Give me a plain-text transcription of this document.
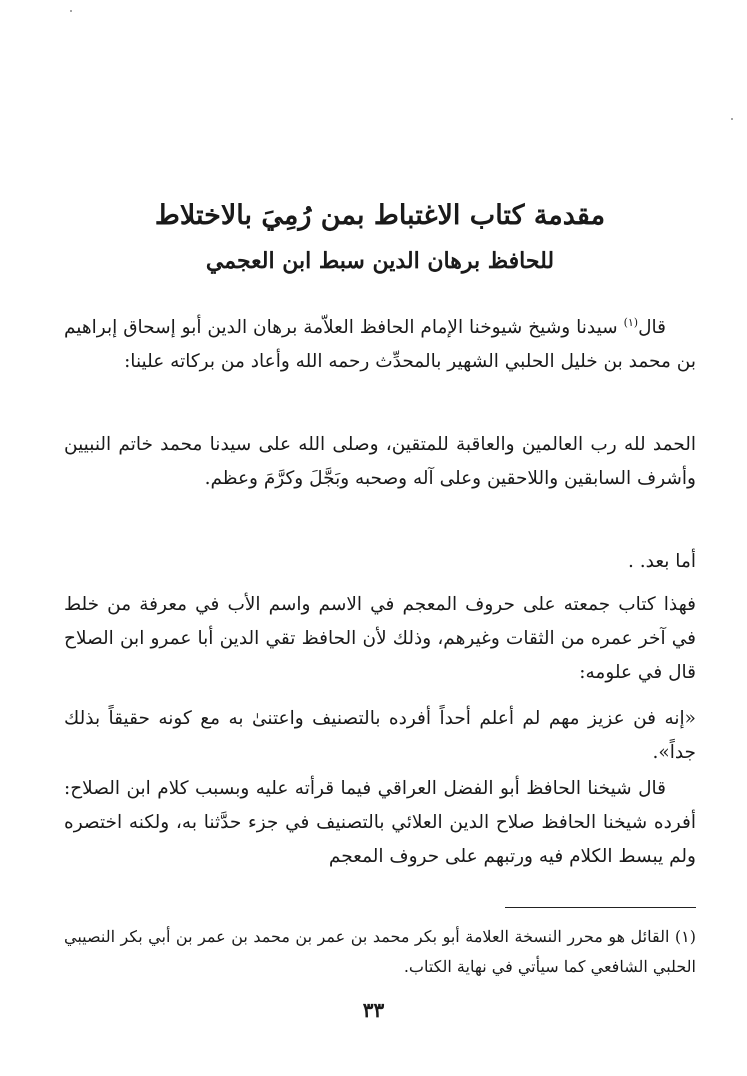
مقدمة كتاب الاغتباط بمن رُمِيَ بالاختلاط
للحافظ برهان الدين سبط ابن العجمي
قال$^{(١)}$ سيدنا وشيخ شيوخنا الإمام الحافظ العلاّمة برهان الدين أبو إسحاق إبراهيم بن محمد بن خليل الحلبي الشهير بالمحدِّث رحمه الله وأعاد من بركاته علينا:
الحمد لله رب العالمين والعاقبة للمتقين، وصلى الله على سيدنا محمد خاتم النبيين وأشرف السابقين واللاحقين وعلى آله وصحبه وبَجَّلَ وكرَّمَ وعظم.
أما بعد. .
فهذا كتاب جمعته على حروف المعجم في الاسم واسم الأب في معرفة من خلط في آخر عمره من الثقات وغيرهم، وذلك لأن الحافظ تقي الدين أبا عمرو ابن الصلاح قال في علومه:
«إنه فن عزيز مهم لم أعلم أحداً أفرده بالتصنيف واعتنىٰ به مع كونه حقيقاً بذلك جداً».
قال شيخنا الحافظ أبو الفضل العراقي فيما قرأته عليه وبسبب كلام ابن الصلاح: أفرده شيخنا الحافظ صلاح الدين العلائي بالتصنيف في جزء حدَّثنا به، ولكنه اختصره ولم يبسط الكلام فيه ورتبهم على حروف المعجم
(١) القائل هو محرر النسخة العلامة أبو بكر محمد بن عمر بن محمد بن عمر بن أبي بكر النصيبي الحلبي الشافعي كما سيأتي في نهاية الكتاب.
٣٣
